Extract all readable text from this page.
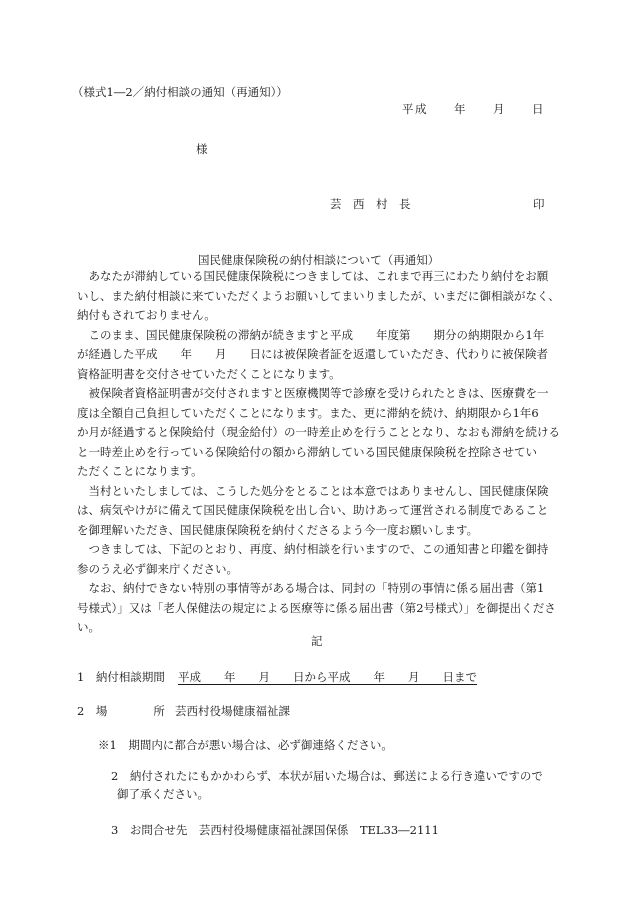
（様式1―2／納付相談の通知（再通知））
平成　　年　　月　　日
様
芸　西　村　長	印
国民健康保険税の納付相談について（再通知）
　あなたが滞納している国民健康保険税につきましては、これまで再三にわたり納付をお願
いし、また納付相談に来ていただくようお願いしてまいりましたが、いまだに御相談がなく、
納付もされておりません。
　このまま、国民健康保険税の滞納が続きますと平成　　年度第　　期分の納期限から1年
が経過した平成　　年　　月　　日には被保険者証を返還していただき、代わりに被保険者
資格証明書を交付させていただくことになります。
　被保険者資格証明書が交付されますと医療機関等で診療を受けられたときは、医療費を一
度は全額自己負担していただくことになります。また、更に滞納を続け、納期限から1年6
か月が経過すると保険給付（現金給付）の一時差止めを行うこととなり、なおも滞納を続ける
と一時差止めを行っている保険給付の額から滞納している国民健康保険税を控除させてい
ただくことになります。
　当村といたしましては、こうした処分をとることは本意ではありませんし、国民健康保険
は、病気やけがに備えて国民健康保険税を出し合い、助けあって運営される制度であること
を御理解いただき、国民健康保険税を納付くださるよう今一度お願いします。
　つきましては、下記のとおり、再度、納付相談を行いますので、この通知書と印鑑を御持
参のうえ必ず御来庁ください。
　なお、納付できない特別の事情等がある場合は、同封の「特別の事情に係る届出書（第1
号様式）」又は「老人保健法の規定による医療等に係る届出書（第2号様式）」を御提出くださ
い。
記
1　納付相談期間 平成　　年　　月　　日から平成　　年　　月　　日まで
2　場　　　　所 芸西村役場健康福祉課
※1　期間内に都合が悪い場合は、必ず御連絡ください。
2　納付されたにもかかわらず、本状が届いた場合は、郵送による行き違いですので
御了承ください。
3　お問合せ先　芸西村役場健康福祉課国保係　TEL33―2111
